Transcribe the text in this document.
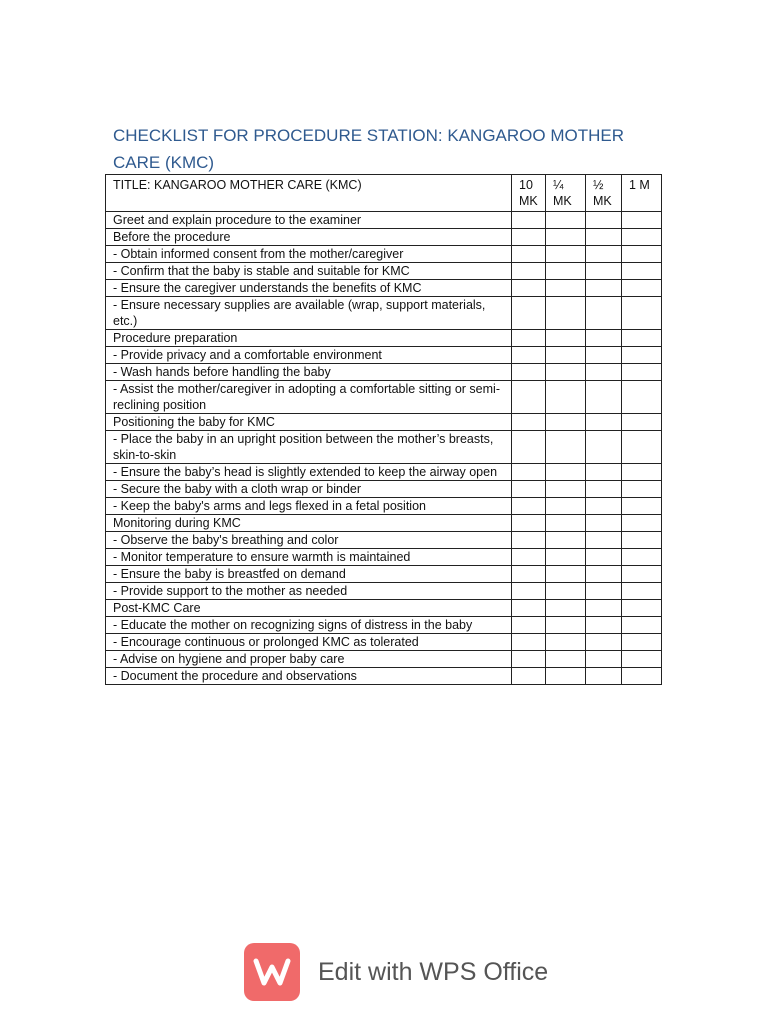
CHECKLIST FOR PROCEDURE STATION: KANGAROO MOTHER CARE (KMC)
TITLE: KANGAROO MOTHER CARE (KMC)	10 MK	¼ MK	½ MK	1 M
Greet and explain procedure to the examiner				
Before the procedure				
- Obtain informed consent from the mother/caregiver				
- Confirm that the baby is stable and suitable for KMC				
- Ensure the caregiver understands the benefits of KMC				
- Ensure necessary supplies are available (wrap, support materials, etc.)				
Procedure preparation				
- Provide privacy and a comfortable environment				
- Wash hands before handling the baby				
- Assist the mother/caregiver in adopting a comfortable sitting or semi-reclining position				
Positioning the baby for KMC				
- Place the baby in an upright position between the mother’s breasts, skin-to-skin				
- Ensure the baby’s head is slightly extended to keep the airway open				
- Secure the baby with a cloth wrap or binder				
- Keep the baby's arms and legs flexed in a fetal position				
Monitoring during KMC				
- Observe the baby's breathing and color				
- Monitor temperature to ensure warmth is maintained				
- Ensure the baby is breastfed on demand				
- Provide support to the mother as needed				
Post-KMC Care				
- Educate the mother on recognizing signs of distress in the baby				
- Encourage continuous or prolonged KMC as tolerated				
- Advise on hygiene and proper baby care				
- Document the procedure and observations				
Edit with WPS Office
